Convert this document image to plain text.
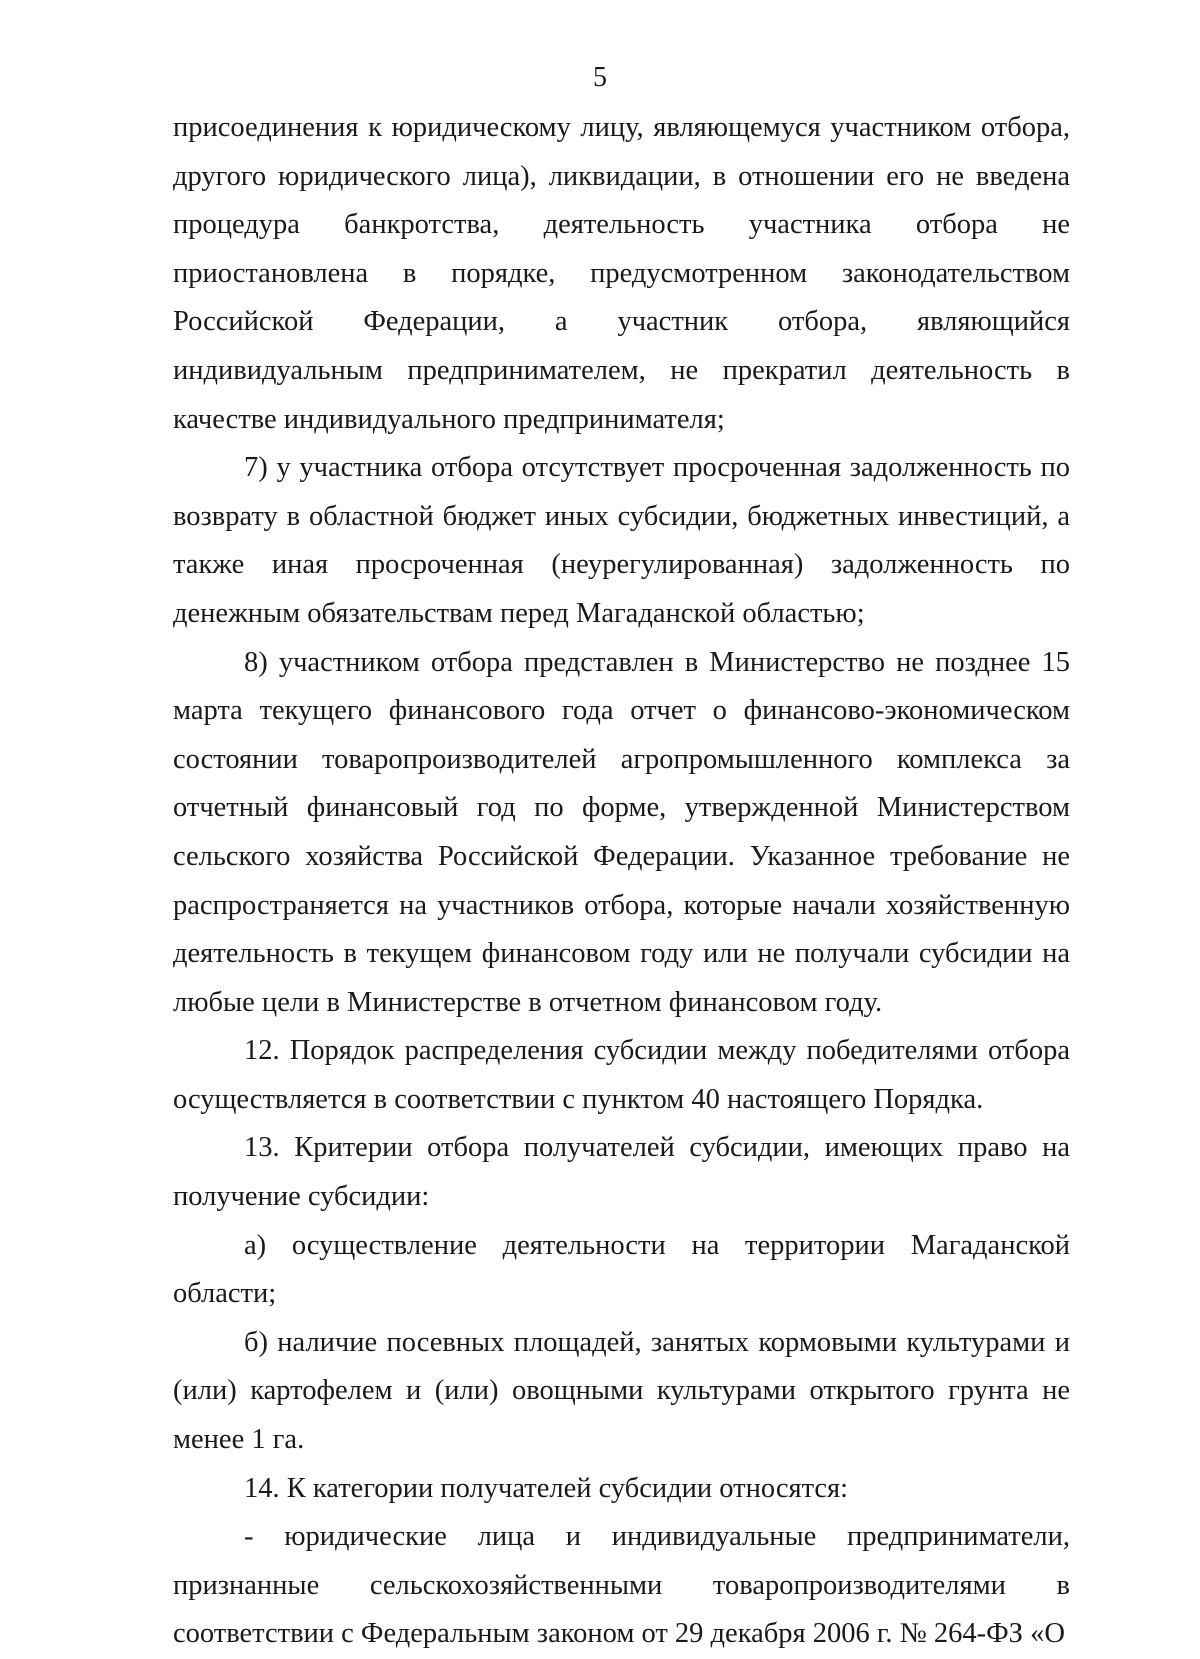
5

присоединения к юридическому лицу, являющемуся участником отбора, другого юридического лица), ликвидации, в отношении его не введена процедура банкротства, деятельность участника отбора не приостановлена в порядке, предусмотренном законодательством Российской Федерации, а участник отбора, являющийся индивидуальным предпринимателем, не прекратил деятельность в качестве индивидуального предпринимателя;

7) у участника отбора отсутствует просроченная задолженность по возврату в областной бюджет иных субсидии, бюджетных инвестиций, а также иная просроченная (неурегулированная) задолженность по денежным обязательствам перед Магаданской областью;

8) участником отбора представлен в Министерство не позднее 15 марта текущего финансового года отчет о финансово-экономическом состоянии товаропроизводителей агропромышленного комплекса за отчетный финансовый год по форме, утвержденной Министерством сельского хозяйства Российской Федерации. Указанное требование не распространяется на участников отбора, которые начали хозяйственную деятельность в текущем финансовом году или не получали субсидии на любые цели в Министерстве в отчетном финансовом году.

12. Порядок распределения субсидии между победителями отбора осуществляется в соответствии с пунктом 40 настоящего Порядка.

13. Критерии отбора получателей субсидии, имеющих право на получение субсидии:

а) осуществление деятельности на территории Магаданской области;

б) наличие посевных площадей, занятых кормовыми культурами и (или) картофелем и (или) овощными культурами открытого грунта не менее 1 га.

14. К категории получателей субсидии относятся:

- юридические лица и индивидуальные предприниматели, признанные сельскохозяйственными товаропроизводителями в соответствии с Федеральным законом от 29 декабря 2006 г. № 264-ФЗ «О
